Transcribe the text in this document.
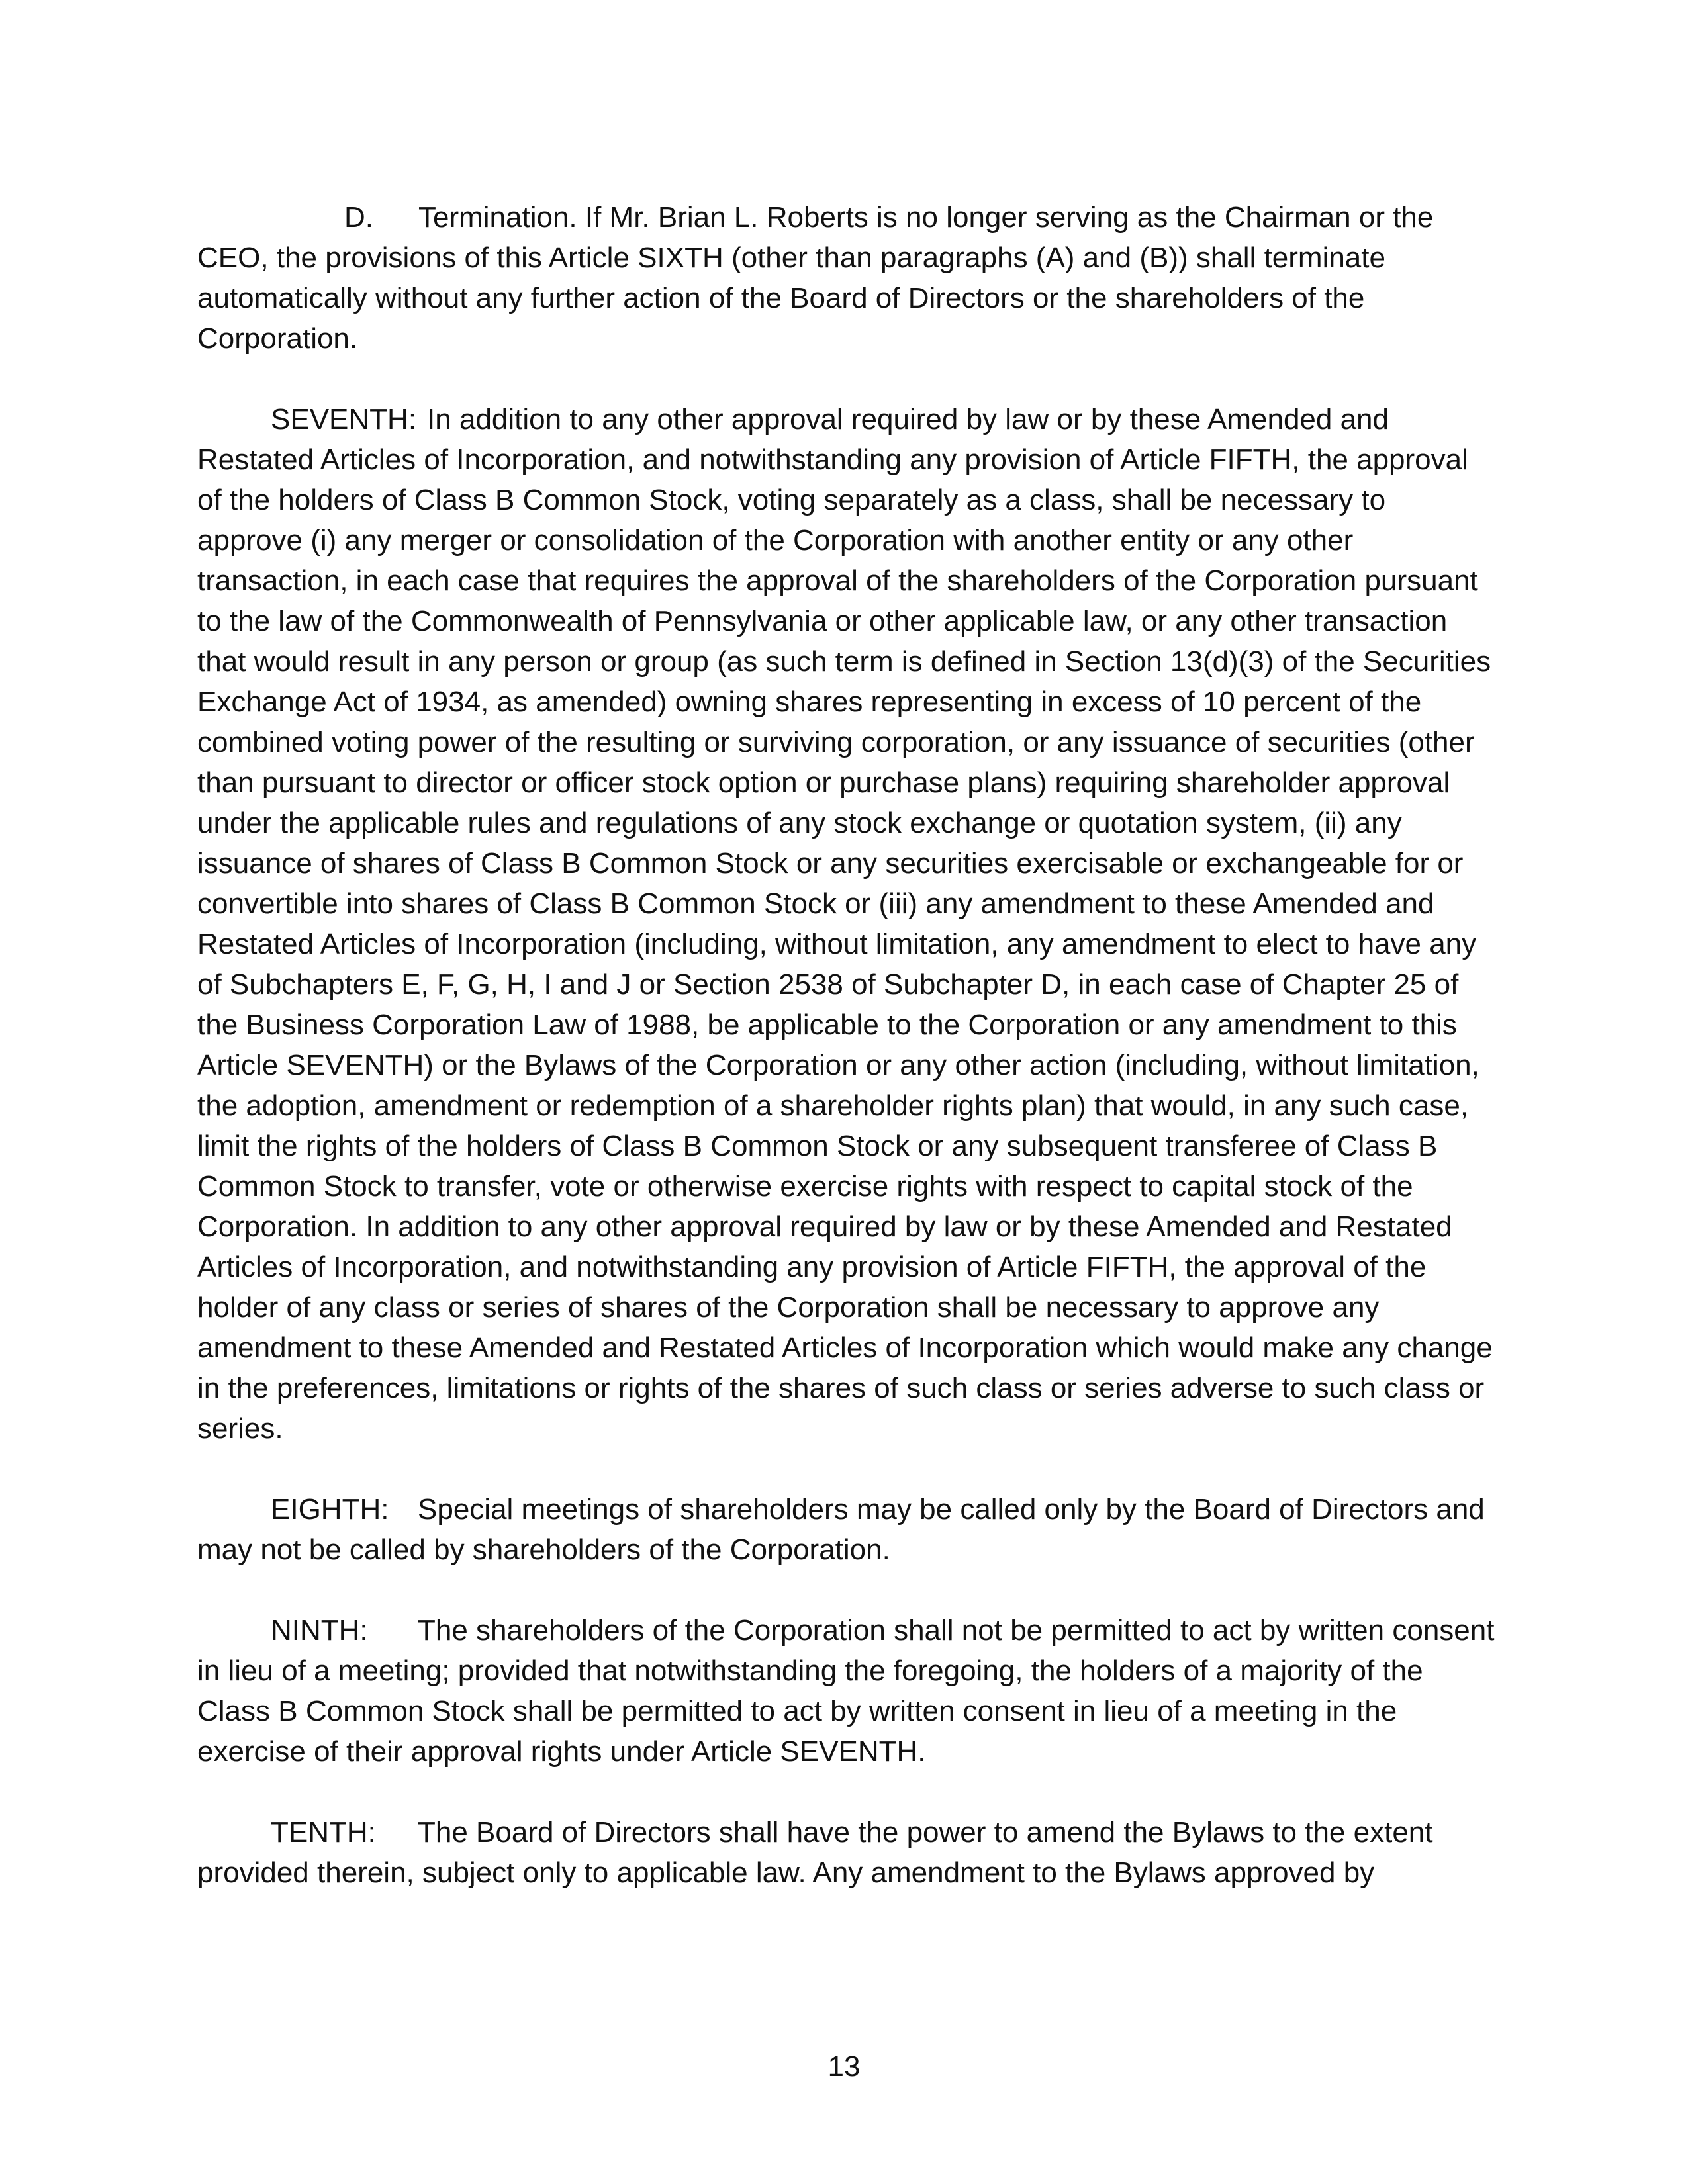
D. Termination. If Mr. Brian L. Roberts is no longer serving as the Chairman or the CEO, the provisions of this Article SIXTH (other than paragraphs (A) and (B)) shall terminate automatically without any further action of the Board of Directors or the shareholders of the Corporation.

SEVENTH: In addition to any other approval required by law or by these Amended and Restated Articles of Incorporation, and notwithstanding any provision of Article FIFTH, the approval of the holders of Class B Common Stock, voting separately as a class, shall be necessary to approve (i) any merger or consolidation of the Corporation with another entity or any other transaction, in each case that requires the approval of the shareholders of the Corporation pursuant to the law of the Commonwealth of Pennsylvania or other applicable law, or any other transaction that would result in any person or group (as such term is defined in Section 13(d)(3) of the Securities Exchange Act of 1934, as amended) owning shares representing in excess of 10 percent of the combined voting power of the resulting or surviving corporation, or any issuance of securities (other than pursuant to director or officer stock option or purchase plans) requiring shareholder approval under the applicable rules and regulations of any stock exchange or quotation system, (ii) any issuance of shares of Class B Common Stock or any securities exercisable or exchangeable for or convertible into shares of Class B Common Stock or (iii) any amendment to these Amended and Restated Articles of Incorporation (including, without limitation, any amendment to elect to have any of Subchapters E, F, G, H, I and J or Section 2538 of Subchapter D, in each case of Chapter 25 of the Business Corporation Law of 1988, be applicable to the Corporation or any amendment to this Article SEVENTH) or the Bylaws of the Corporation or any other action (including, without limitation, the adoption, amendment or redemption of a shareholder rights plan) that would, in any such case, limit the rights of the holders of Class B Common Stock or any subsequent transferee of Class B Common Stock to transfer, vote or otherwise exercise rights with respect to capital stock of the Corporation. In addition to any other approval required by law or by these Amended and Restated Articles of Incorporation, and notwithstanding any provision of Article FIFTH, the approval of the holder of any class or series of shares of the Corporation shall be necessary to approve any amendment to these Amended and Restated Articles of Incorporation which would make any change in the preferences, limitations or rights of the shares of such class or series adverse to such class or series.

EIGHTH: Special meetings of shareholders may be called only by the Board of Directors and may not be called by shareholders of the Corporation.

NINTH: The shareholders of the Corporation shall not be permitted to act by written consent in lieu of a meeting; provided that notwithstanding the foregoing, the holders of a majority of the Class B Common Stock shall be permitted to act by written consent in lieu of a meeting in the exercise of their approval rights under Article SEVENTH.

TENTH: The Board of Directors shall have the power to amend the Bylaws to the extent provided therein, subject only to applicable law. Any amendment to the Bylaws approved by

13
